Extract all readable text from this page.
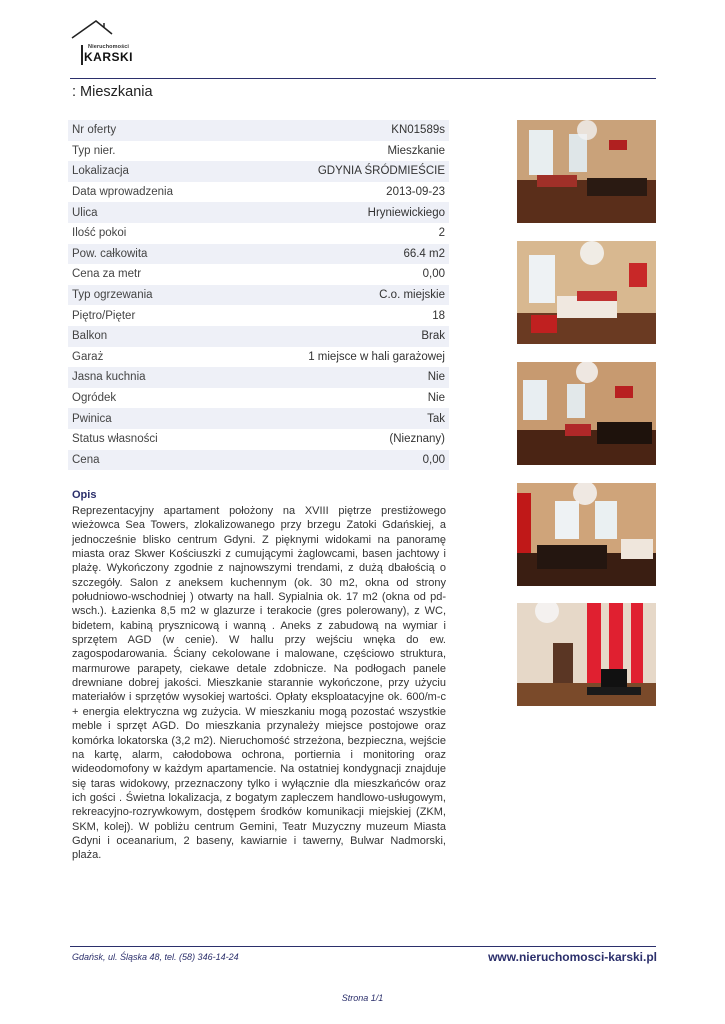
Nieruchomości
KARSKI
: Mieszkania
Nr oferty	KN01589s
Typ nier.	Mieszkanie
Lokalizacja	GDYNIA ŚRÓDMIEŚCIE
Data wprowadzenia	2013-09-23
Ulica	Hryniewickiego
Ilość pokoi	2
Pow. całkowita	66.4 m2
Cena za metr	0,00
Typ ogrzewania	C.o. miejskie
Piętro/Pięter	18
Balkon	Brak
Garaż	1 miejsce w hali garażowej
Jasna kuchnia	Nie
Ogródek	Nie
Pwinica	Tak
Status własności	(Nieznany)
Cena	0,00
Opis

Reprezentacyjny apartament położony na XVIII piętrze prestiżowego wieżowca Sea Towers, zlokalizowanego przy brzegu Zatoki Gdańskiej, a jednocześnie blisko centrum Gdyni. Z pięknymi widokami na panoramę miasta oraz Skwer Kościuszki z cumującymi żaglowcami, basen jachtowy i plażę. Wykończony zgodnie z najnowszymi trendami, z dużą dbałością o szczegóły. Salon z aneksem kuchennym (ok. 30 m2, okna od strony południowo-wschodniej ) otwarty na hall. Sypialnia ok. 17 m2 (okna od pd-wsch.). Łazienka 8,5 m2 w glazurze i terakocie (gres polerowany), z WC, bidetem, kabiną prysznicową i wanną . Aneks z zabudową na wymiar i sprzętem AGD (w cenie). W hallu przy wejściu wnęka do ew. zagospodarowania. Ściany cekolowane i malowane, częściowo struktura, marmurowe parapety, ciekawe detale zdobnicze. Na podłogach panele drewniane dobrej jakości. Mieszkanie starannie wykończone, przy użyciu materiałów i sprzętów wysokiej wartości. Opłaty eksploatacyjne ok. 600/m-c + energia elektryczna wg zużycia. W mieszkaniu mogą pozostać wszystkie meble i sprzęt AGD. Do mieszkania przynależy miejsce postojowe oraz komórka lokatorska (3,2 m2). Nieruchomość strzeżona, bezpieczna, wejście na kartę, alarm, całodobowa ochrona, portiernia i monitoring oraz wideodomofony w każdym apartamencie. Na ostatniej kondygnacji znajduje się taras widokowy, przeznaczony tylko i wyłącznie dla mieszkańców oraz ich gości . Świetna lokalizacja, z bogatym zapleczem handlowo-usługowym, rekreacyjno-rozrywkowym, dostępem środków komunikacji miejskiej (ZKM, SKM, kolej). W pobliżu centrum Gemini, Teatr Muzyczny muzeum Miasta Gdyni i oceanarium, 2 baseny, kawiarnie i tawerny, Bulwar Nadmorski, plaża.

Gdańsk, ul. Śląska 48, tel. (58) 346-14-24	www.nieruchomosci-karski.pl
Strona 1/1
